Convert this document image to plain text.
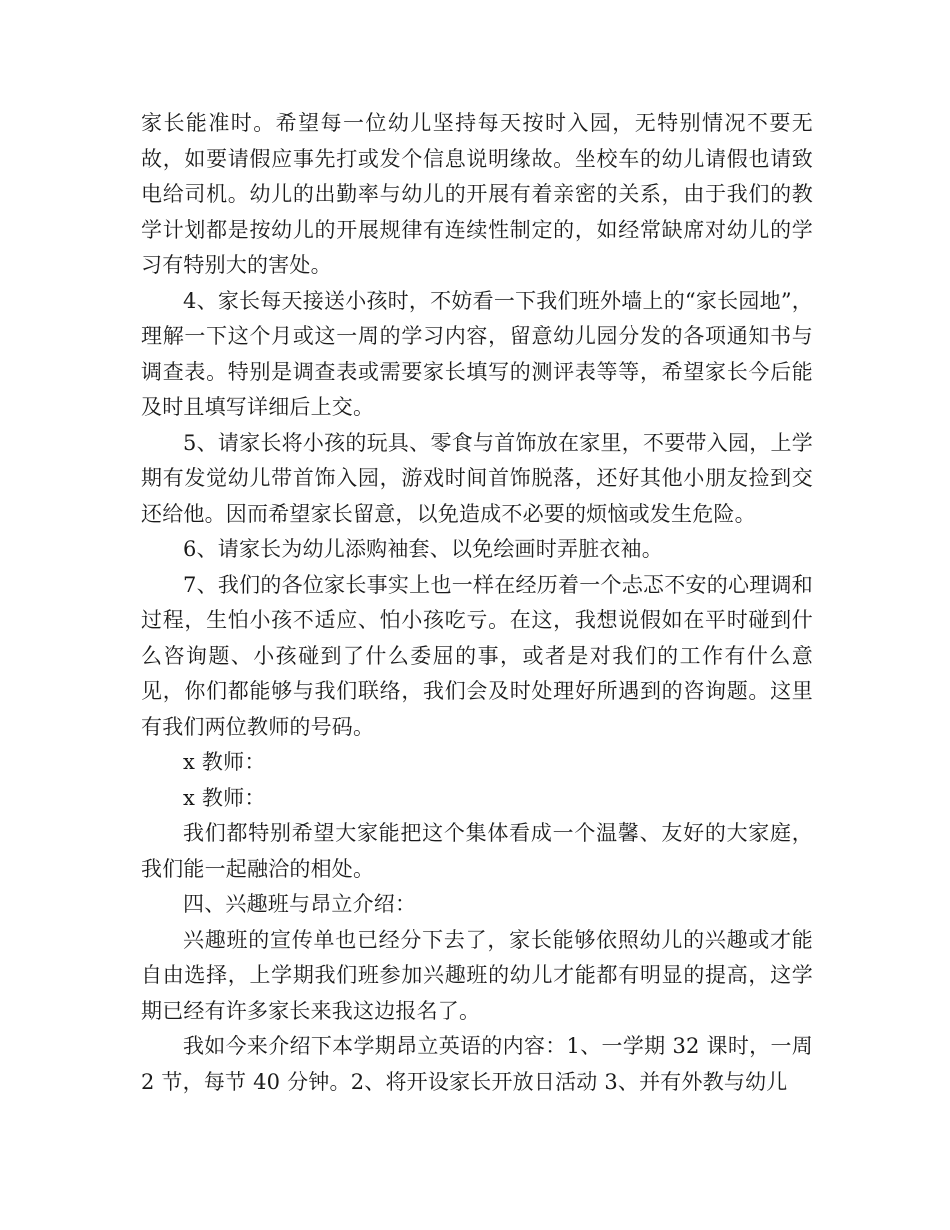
家长能准时。希望每一位幼儿坚持每天按时入园，无特别情况不要无故，如要请假应事先打或发个信息说明缘故。坐校车的幼儿请假也请致电给司机。幼儿的出勤率与幼儿的开展有着亲密的关系，由于我们的教学计划都是按幼儿的开展规律有连续性制定的，如经常缺席对幼儿的学习有特别大的害处。

4、家长每天接送小孩时，不妨看一下我们班外墙上的“家长园地”，理解一下这个月或这一周的学习内容，留意幼儿园分发的各项通知书与调查表。特别是调查表或需要家长填写的测评表等等，希望家长今后能及时且填写详细后上交。

5、请家长将小孩的玩具、零食与首饰放在家里，不要带入园，上学期有发觉幼儿带首饰入园，游戏时间首饰脱落，还好其他小朋友捡到交还给他。因而希望家长留意，以免造成不必要的烦恼或发生危险。

6、请家长为幼儿添购袖套、以免绘画时弄脏衣袖。

7、我们的各位家长事实上也一样在经历着一个忐忑不安的心理调和过程，生怕小孩不适应、怕小孩吃亏。在这，我想说假如在平时碰到什么咨询题、小孩碰到了什么委屈的事，或者是对我们的工作有什么意见，你们都能够与我们联络，我们会及时处理好所遇到的咨询题。这里有我们两位教师的号码。

x 教师：

x 教师：

我们都特别希望大家能把这个集体看成一个温馨、友好的大家庭，我们能一起融洽的相处。

四、兴趣班与昂立介绍：

兴趣班的宣传单也已经分下去了，家长能够依照幼儿的兴趣或才能自由选择，上学期我们班参加兴趣班的幼儿才能都有明显的提高，这学期已经有许多家长来我这边报名了。

我如今来介绍下本学期昂立英语的内容：1、一学期 32 课时，一周 2 节，每节 40 分钟。2、将开设家长开放日活动 3、并有外教与幼儿
